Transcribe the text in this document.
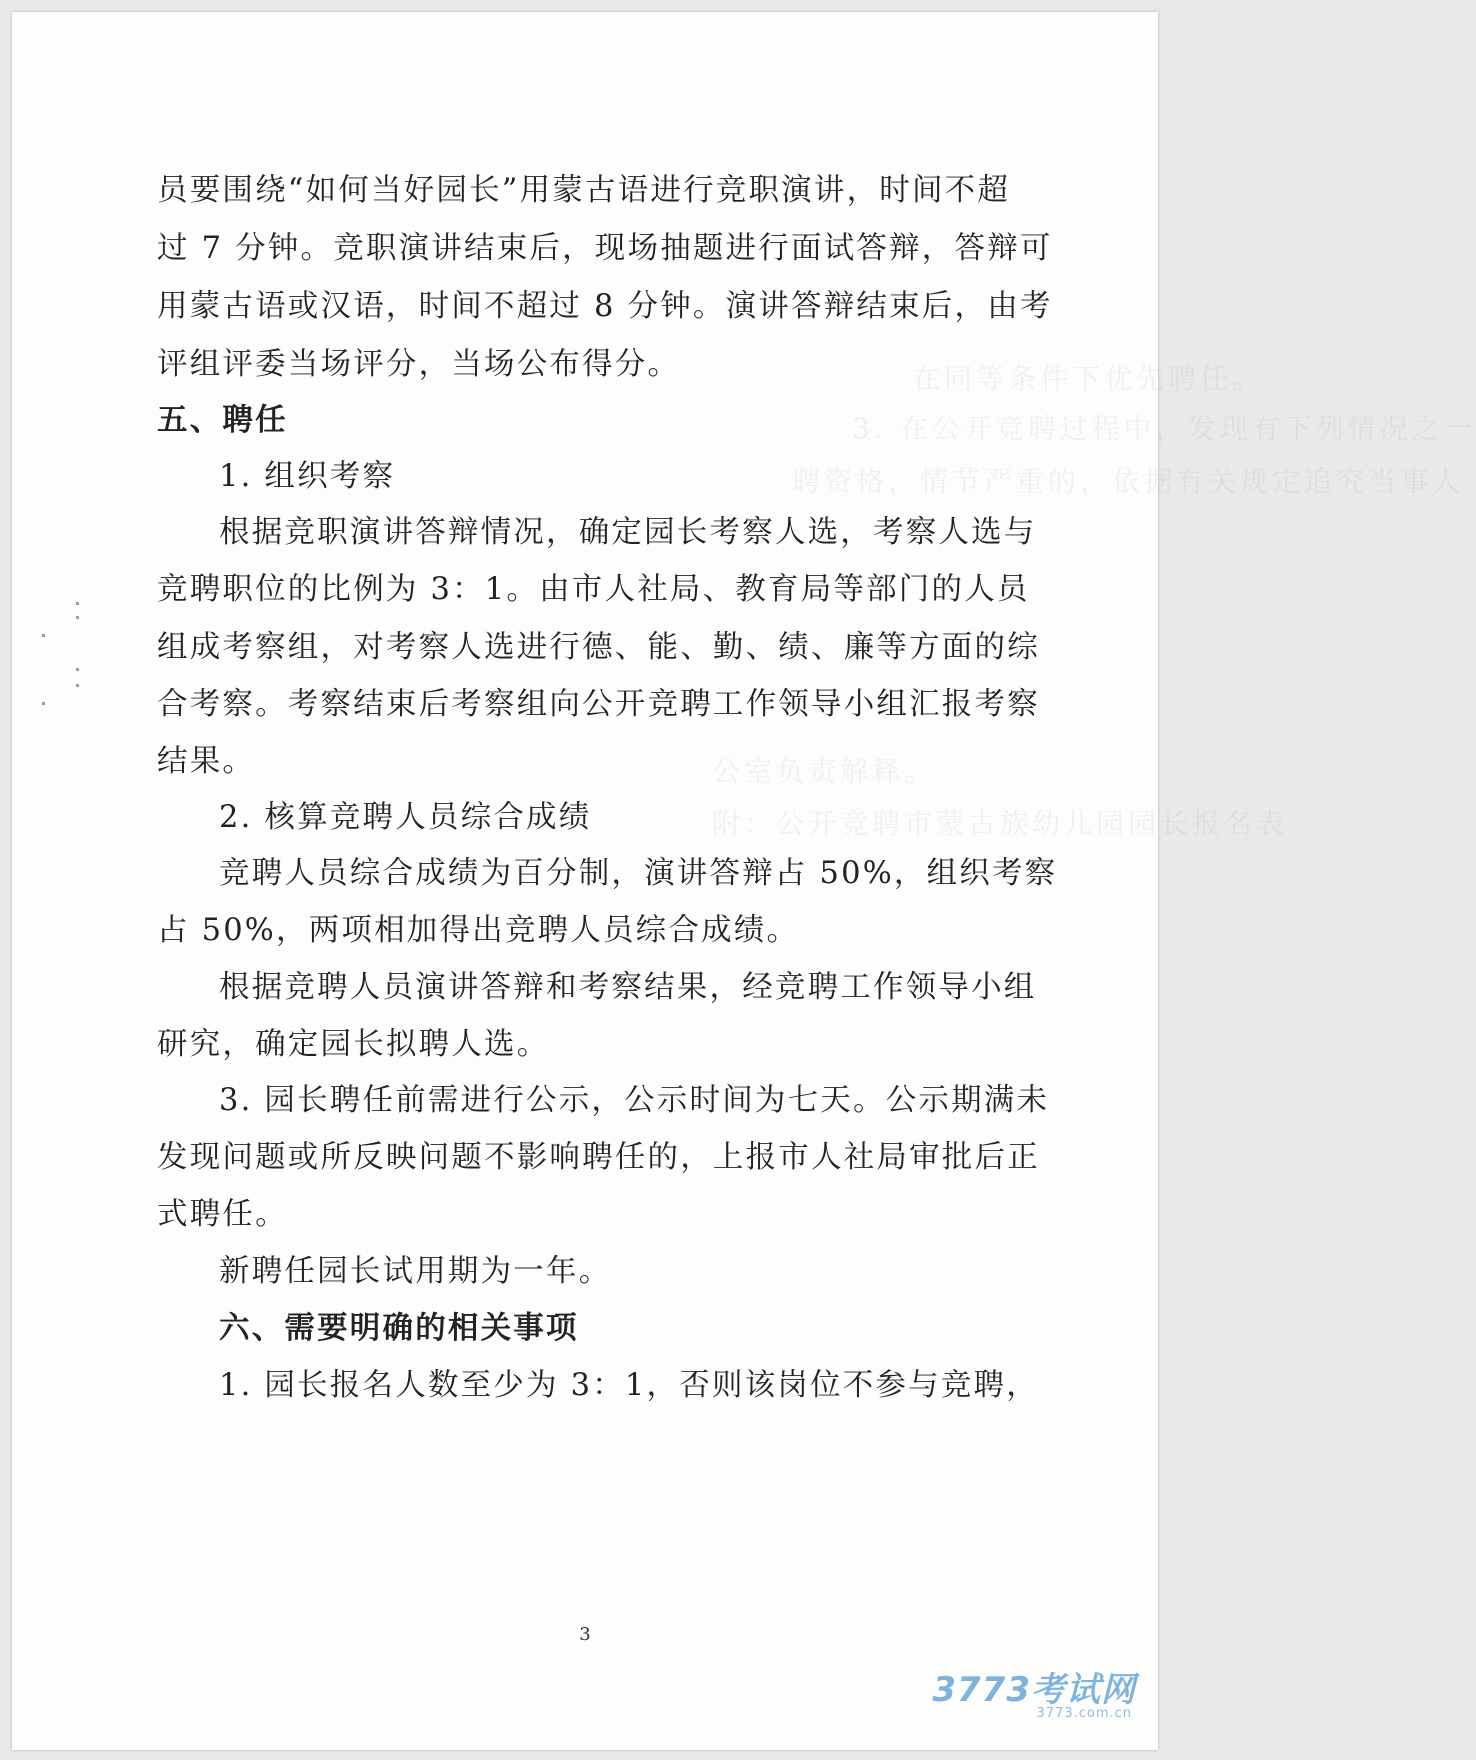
在同等条件下优先聘任。
3. 在公开竞聘过程中，发现有下列情况之一
聘资格，情节严重的，依据有关规定追究当事人
公室负责解释。
附：公开竞聘市蒙古族幼儿园园长报名表
员要围绕“如何当好园长”用蒙古语进行竞职演讲，时间不超
过 7 分钟。竞职演讲结束后，现场抽题进行面试答辩，答辩可
用蒙古语或汉语，时间不超过 8 分钟。演讲答辩结束后，由考
评组评委当场评分，当场公布得分。
五、聘任
1. 组织考察
根据竞职演讲答辩情况，确定园长考察人选，考察人选与
竞聘职位的比例为 3：1。由市人社局、教育局等部门的人员
组成考察组，对考察人选进行德、能、勤、绩、廉等方面的综
合考察。考察结束后考察组向公开竞聘工作领导小组汇报考察
结果。
2. 核算竞聘人员综合成绩
竞聘人员综合成绩为百分制，演讲答辩占 50%，组织考察
占 50%，两项相加得出竞聘人员综合成绩。
根据竞聘人员演讲答辩和考察结果，经竞聘工作领导小组
研究，确定园长拟聘人选。
3. 园长聘任前需进行公示，公示时间为七天。公示期满未
发现问题或所反映问题不影响聘任的，上报市人社局审批后正
式聘任。
新聘任园长试用期为一年。
六、需要明确的相关事项
1. 园长报名人数至少为 3：1，否则该岗位不参与竞聘，
3
3773考试网
3773.com.cn
